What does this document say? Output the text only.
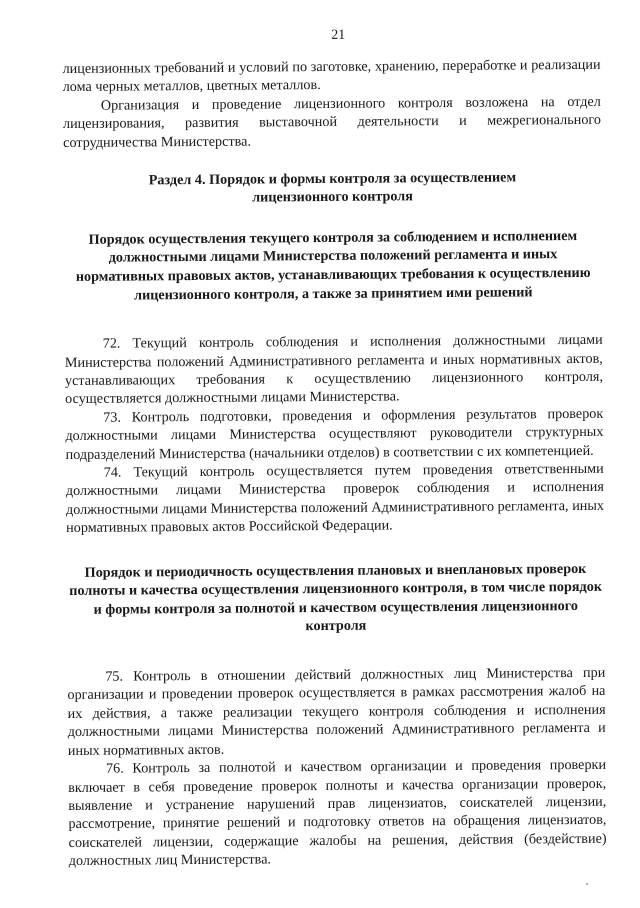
21

лицензионных требований и условий по заготовке, хранению, переработке и реализации лома черных металлов, цветных металлов.

Организация и проведение лицензионного контроля возложена на отдел лицензирования, развития выставочной деятельности и межрегионального сотрудничества Министерства.

Раздел 4. Порядок и формы контроля за осуществлением лицензионного контроля
Порядок осуществления текущего контроля за соблюдением и исполнением должностными лицами Министерства положений регламента и иных нормативных правовых актов, устанавливающих требования к осуществлению лицензионного контроля, а также за принятием ими решений

72. Текущий контроль соблюдения и исполнения должностными лицами Министерства положений Административного регламента и иных нормативных актов, устанавливающих требования к осуществлению лицензионного контроля, осуществляется должностными лицами Министерства.

73. Контроль подготовки, проведения и оформления результатов проверок должностными лицами Министерства осуществляют руководители структурных подразделений Министерства (начальники отделов) в соответствии с их компетенцией.

74. Текущий контроль осуществляется путем проведения ответственными должностными лицами Министерства проверок соблюдения и исполнения должностными лицами Министерства положений Административного регламента, иных нормативных правовых актов Российской Федерации.

Порядок и периодичность осуществления плановых и внеплановых проверок полноты и качества осуществления лицензионного контроля, в том числе порядок и формы контроля за полнотой и качеством осуществления лицензионного контроля

75. Контроль в отношении действий должностных лиц Министерства при организации и проведении проверок осуществляется в рамках рассмотрения жалоб на их действия, а также реализации текущего контроля соблюдения и исполнения должностными лицами Министерства положений Административного регламента и иных нормативных актов.

76. Контроль за полнотой и качеством организации и проведения проверки включает в себя проведение проверок полноты и качества организации проверок, выявление и устранение нарушений прав лицензиатов, соискателей лицензии, рассмотрение, принятие решений и подготовку ответов на обращения лицензиатов, соискателей лицензии, содержащие жалобы на решения, действия (бездействие) должностных лиц Министерства.
